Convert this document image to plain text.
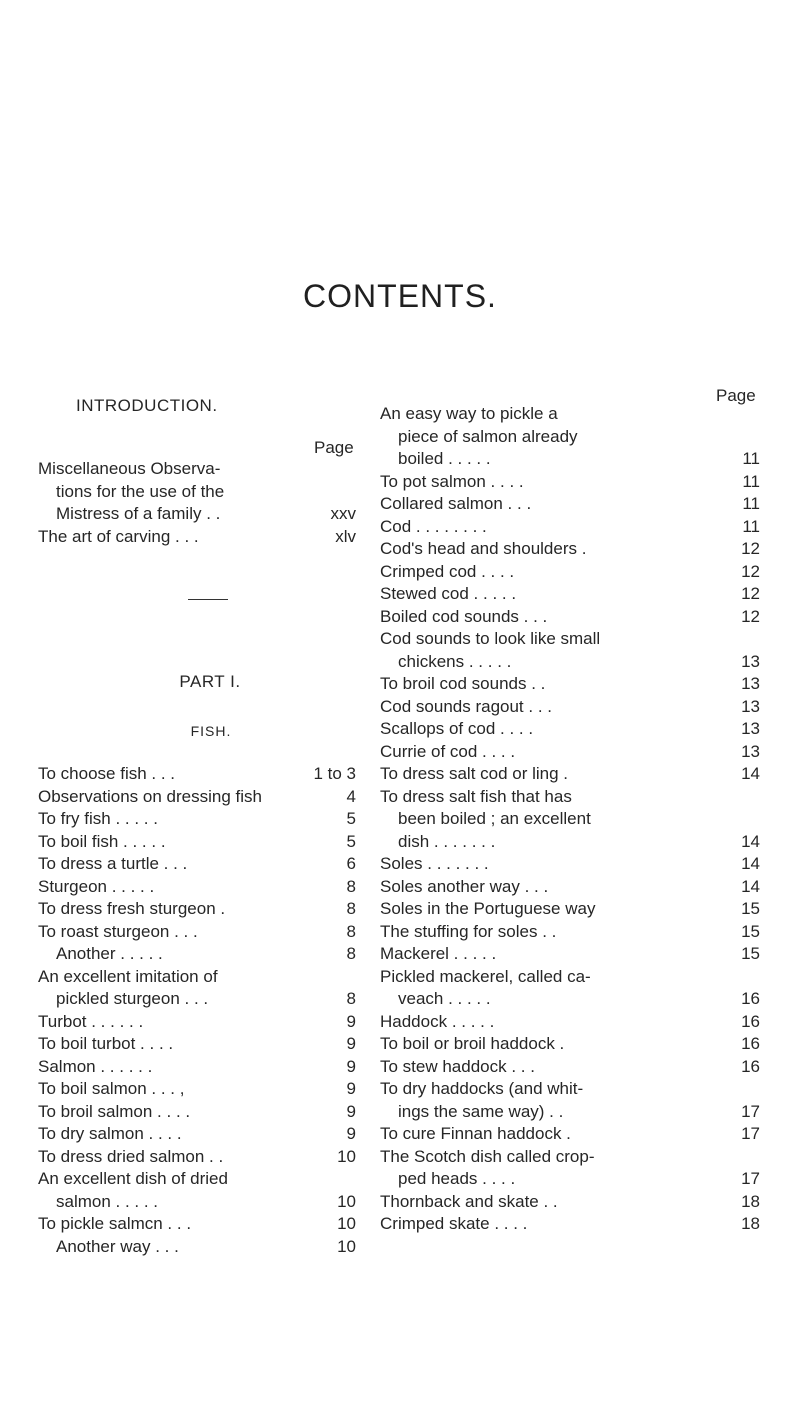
CONTENTS.
INTRODUCTION.
Page
Miscellaneous Observa-
tions for the use of the
Mistress of a family . .	xxv
The art of carving . . .	xlv
PART I.
FISH.
To choose fish . . .	1 to 3
Observations on dressing fish	4
To fry fish . . . . .	5
To boil fish . . . . .	5
To dress a turtle . . .	6
Sturgeon . . . . .	8
To dress fresh sturgeon .	8
To roast sturgeon . . .	8
Another . . . . .	8
An excellent imitation of
pickled sturgeon . . .	8
Turbot . . . . . .	9
To boil turbot . . . .	9
Salmon . . . . . .	9
To boil salmon . . . ,	9
To broil salmon . . . .	9
To dry salmon . . . .	9
To dress dried salmon . .	10
An excellent dish of dried
salmon . . . . .	10
To pickle salmcn . . .	10
Another way . . .	10
Page
An easy way to pickle a
piece of salmon already
boiled . . . . .	11
To pot salmon . . . .	11
Collared salmon . . .	11
Cod . . . . . . . .	11
Cod's head and shoulders .	12
Crimped cod . . . .	12
Stewed cod . . . . .	12
Boiled cod sounds . . .	12
Cod sounds to look like small
chickens . . . . .	13
To broil cod sounds . .	13
Cod sounds ragout . . .	13
Scallops of cod . . . .	13
Currie of cod . . . .	13
To dress salt cod or ling .	14
To dress salt fish that has
been boiled ; an excellent
dish . . . . . . .	14
Soles . . . . . . .	14
Soles another way . . .	14
Soles in the Portuguese way	15
The stuffing for soles . .	15
Mackerel . . . . .	15
Pickled mackerel, called ca-
veach . . . . .	16
Haddock . . . . .	16
To boil or broil haddock .	16
To stew haddock . . .	16
To dry haddocks (and whit-
ings the same way) . .	17
To cure Finnan haddock .	17
The Scotch dish called crop-
ped heads . . . .	17
Thornback and skate . .	18
Crimped skate . . . .	18
